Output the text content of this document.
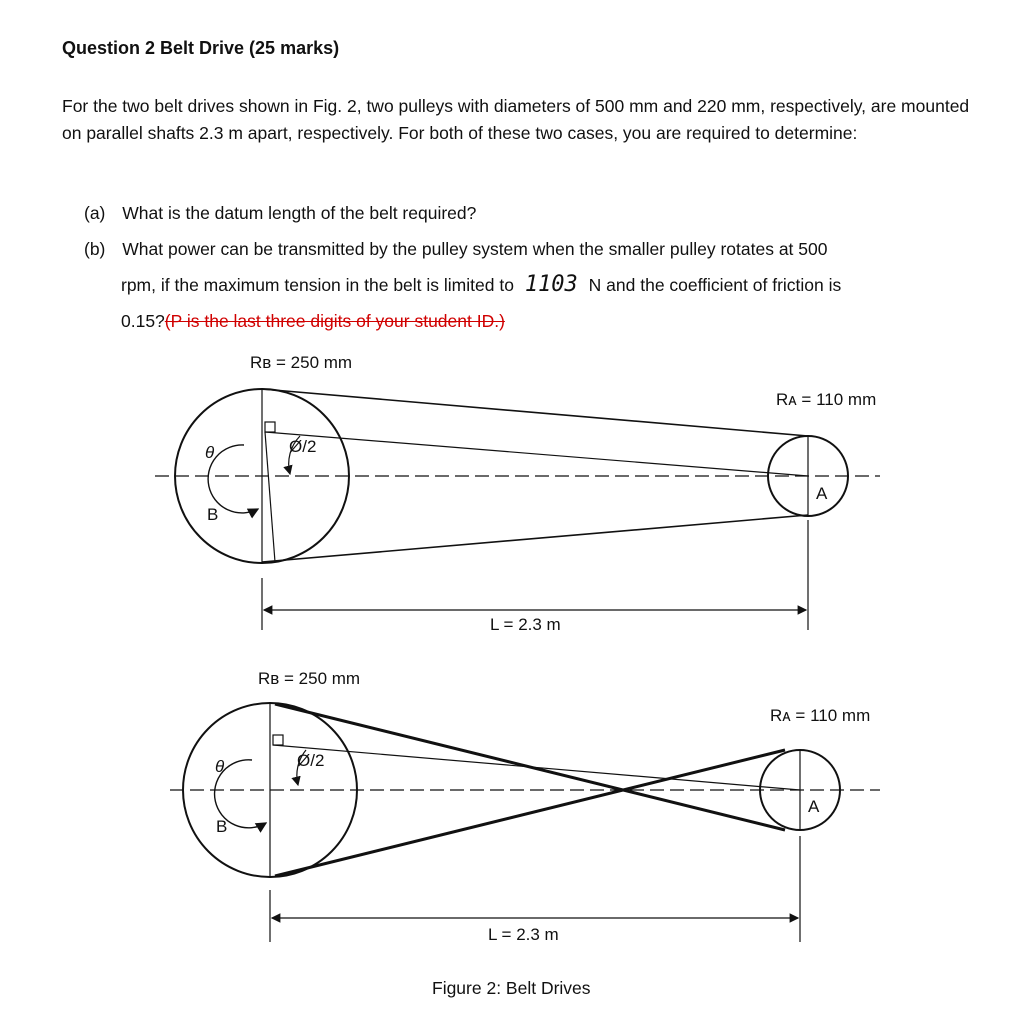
Question 2 Belt Drive (25 marks)
For the two belt drives shown in Fig. 2, two pulleys with diameters of 500 mm and 220 mm, respectively, are mounted on parallel shafts 2.3 m apart, respectively. For both of these two cases, you are required to determine:
(a) What is the datum length of the belt required?
(b) What power can be transmitted by the pulley system when the smaller pulley rotates at 500
rpm, if the maximum tension in the belt is limited to 1103 N and the coefficient of friction is
0.15?(P is the last three digits of your student ID.)
Rʙ = 250 mm
Rᴀ = 110 mm
θ	Ø/2
B
A
L = 2.3 m
Rʙ = 250 mm
Rᴀ = 110 mm
θ	Ø/2
B
A
L = 2.3 m
Figure 2: Belt Drives
